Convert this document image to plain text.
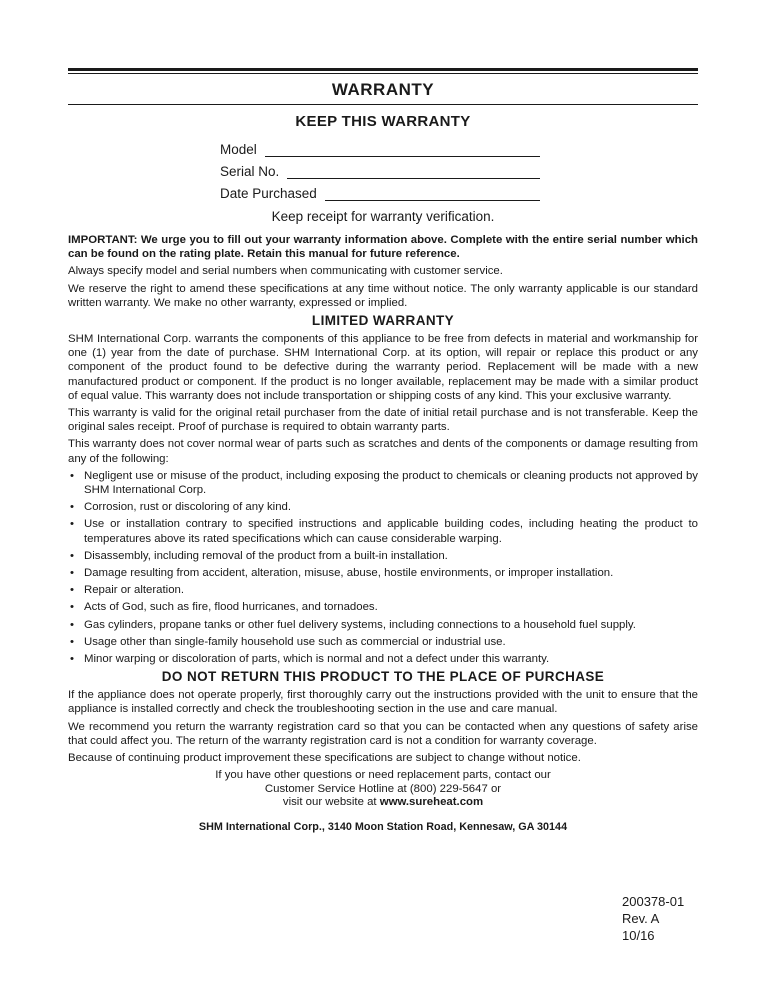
WARRANTY
KEEP THIS WARRANTY
Model
Serial No.
Date Purchased
Keep receipt for warranty verification.

IMPORTANT: We urge you to fill out your warranty information above. Complete with the entire serial number which can be found on the rating plate. Retain this manual for future reference.

Always specify model and serial numbers when communicating with customer service.

We reserve the right to amend these specifications at any time without notice. The only warranty applicable is our standard written warranty. We make no other warranty, expressed or implied.

LIMITED WARRANTY

SHM International Corp. warrants the components of this appliance to be free from defects in material and workmanship for one (1) year from the date of purchase. SHM International Corp. at its option, will repair or replace this product or any component of the product found to be defective during the warranty period. Replacement will be made with a new manufactured product or component. If the product is no longer available, replacement may be made with a similar product of equal value. This warranty does not include transportation or shipping costs of any kind. This your exclusive warranty.

This warranty is valid for the original retail purchaser from the date of initial retail purchase and is not transferable. Keep the original sales receipt. Proof of purchase is required to obtain warranty parts.

This warranty does not cover normal wear of parts such as scratches and dents of the components or damage resulting from any of the following:

• Negligent use or misuse of the product, including exposing the product to chemicals or cleaning products not approved by SHM International Corp.
• Corrosion, rust or discoloring of any kind.
• Use or installation contrary to specified instructions and applicable building codes, including heating the product to temperatures above its rated specifications which can cause considerable warping.
• Disassembly, including removal of the product from a built-in installation.
• Damage resulting from accident, alteration, misuse, abuse, hostile environments, or improper installation.
• Repair or alteration.
• Acts of God, such as fire, flood hurricanes, and tornadoes.
• Gas cylinders, propane tanks or other fuel delivery systems, including connections to a household fuel supply.
• Usage other than single-family household use such as commercial or industrial use.
• Minor warping or discoloration of parts, which is normal and not a defect under this warranty.
DO NOT RETURN THIS PRODUCT TO THE PLACE OF PURCHASE

If the appliance does not operate properly, first thoroughly carry out the instructions provided with the unit to ensure that the appliance is installed correctly and check the troubleshooting section in the use and care manual.

We recommend you return the warranty registration card so that you can be contacted when any questions of safety arise that could affect you. The return of the warranty registration card is not a condition for warranty coverage.

Because of continuing product improvement these specifications are subject to change without notice.

If you have other questions or need replacement parts, contact our
Customer Service Hotline at (800) 229-5647 or
visit our website at www.sureheat.com
SHM International Corp., 3140 Moon Station Road, Kennesaw, GA 30144
200378-01
Rev. A
10/16
